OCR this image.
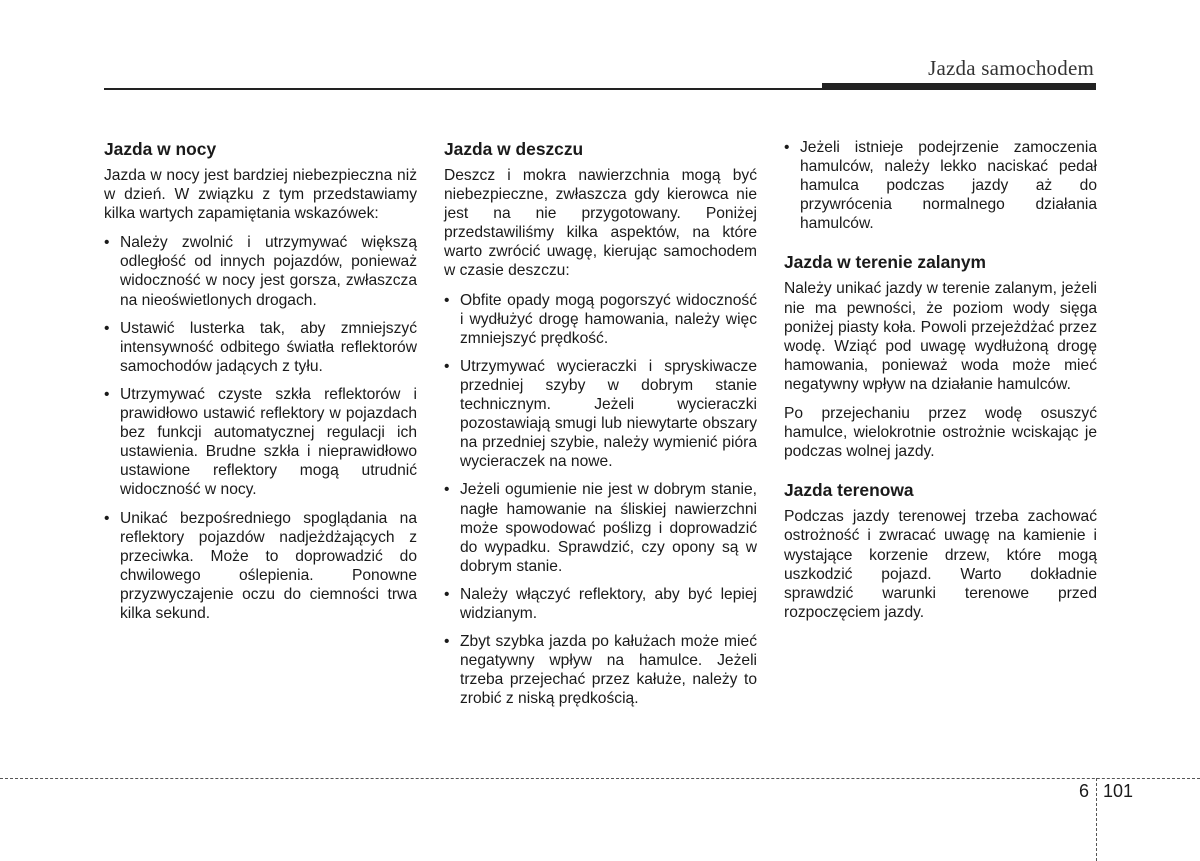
Jazda samochodem
Jazda w nocy

Jazda w nocy jest bardziej niebezpieczna niż w dzień. W związku z tym przedstawiamy kilka wartych zapamiętania wskazówek:

• Należy zwolnić i utrzymywać większą odległość od innych pojazdów, ponieważ widoczność w nocy jest gorsza, zwłaszcza na nieoświetlonych drogach.
• Ustawić lusterka tak, aby zmniejszyć intensywność odbitego światła reflektorów samochodów jadących z tyłu.
• Utrzymywać czyste szkła reflektorów i prawidłowo ustawić reflektory w pojazdach bez funkcji automatycznej regulacji ich ustawienia. Brudne szkła i nieprawidłowo ustawione reflektory mogą utrudnić widoczność w nocy.
• Unikać bezpośredniego spoglądania na reflektory pojazdów nadjeżdżających z przeciwka. Może to doprowadzić do chwilowego oślepienia. Ponowne przyzwyczajenie oczu do ciemności trwa kilka sekund.
Jazda w deszczu

Deszcz i mokra nawierzchnia mogą być niebezpieczne, zwłaszcza gdy kierowca nie jest na nie przygotowany. Poniżej przedstawiliśmy kilka aspektów, na które warto zwrócić uwagę, kierując samochodem w czasie deszczu:

• Obfite opady mogą pogorszyć widoczność i wydłużyć drogę hamowania, należy więc zmniejszyć prędkość.
• Utrzymywać wycieraczki i spryskiwacze przedniej szyby w dobrym stanie technicznym. Jeżeli wycieraczki pozostawiają smugi lub niewytarte obszary na przedniej szybie, należy wymienić pióra wycieraczek na nowe.
• Jeżeli ogumienie nie jest w dobrym stanie, nagłe hamowanie na śliskiej nawierzchni może spowodować poślizg i doprowadzić do wypadku. Sprawdzić, czy opony są w dobrym stanie.
• Należy włączyć reflektory, aby być lepiej widzianym.
• Zbyt szybka jazda po kałużach może mieć negatywny wpływ na hamulce. Jeżeli trzeba przejechać przez kałuże, należy to zrobić z niską prędkością.
• Jeżeli istnieje podejrzenie zamoczenia hamulców, należy lekko naciskać pedał hamulca podczas jazdy aż do przywrócenia normalnego działania hamulców.
Jazda w terenie zalanym

Należy unikać jazdy w terenie zalanym, jeżeli nie ma pewności, że poziom wody sięga poniżej piasty koła. Powoli przejeżdżać przez wodę. Wziąć pod uwagę wydłużoną drogę hamowania, ponieważ woda może mieć negatywny wpływ na działanie hamulców.

Po przejechaniu przez wodę osuszyć hamulce, wielokrotnie ostrożnie wciskając je podczas wolnej jazdy.

Jazda terenowa

Podczas jazdy terenowej trzeba zachować ostrożność i zwracać uwagę na kamienie i wystające korzenie drzew, które mogą uszkodzić pojazd. Warto dokładnie sprawdzić warunki terenowe przed rozpoczęciem jazdy.

6 101
